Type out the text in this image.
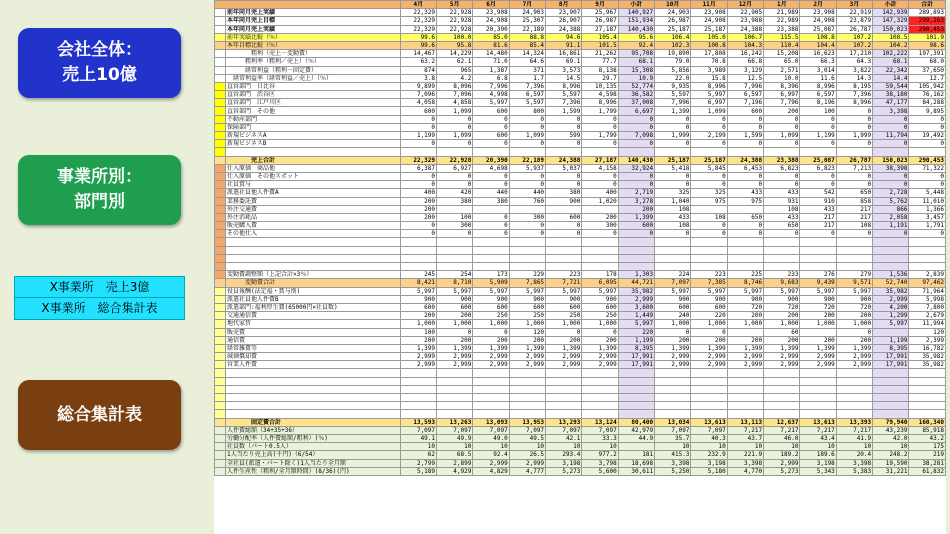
会社全体：
売上10億
事業所別：
部門別
X事業所　売上3億
X事業所　総合集計表
総合集計表
		4月	5月	6月	7月	8月	9月	小計	10月	11月	12月	1月	2月	3月	小計	合計
	前年同月売上実績	22,329	22,928	23,908	24,903	23,907	25,967	140,927	24,903	23,908	22,905	21,989	23,908	22,919	142,939	289,893
	本年同月売上目標	22,329	22,928	24,908	25,307	26,907	26,987	151,934	26,987	24,908	23,988	22,989	24,908	23,879	147,329	299,263
	本年同月売上実績	22,329	22,928	20,390	22,189	24,388	27,187	140,430	25,187	25,187	24,388	23,388	25,087	26,787	150,023	290,453
	前年実績比較（％）	99.6	100.0	85.0	88.8	94.6	105.4	95.6	106.4	105.0	106.7	115.5	108.8	107.2	108.5	101.9
	本年目標比較（％）	99.6	95.8	81.6	85.4	91.1	101.5	92.4	102.3	100.8	104.3	110.4	104.4	107.2	104.2	98.6
	　　　　粗利（売上－変動費）	14,467	14,229	14,480	14,324	16,861	21,262	95,708	19,890	17,808	16,242	15,208	16,623	17,210	102,222	197,391
	　　　粗利率（粗利／売上）（％）	63.2	62.1	71.0	64.6	69.1	77.7	68.1	79.0	70.8	66.8	65.0	66.3	64.3	68.1	68.0
	　　　経常利益（粗利－固定費）	874	965	1,387	371	3,573	8,138	15,308	5,856	3,989	3,129	2,571	3,014	3,822	22,342	37,650
	　経常利益率（経常利益／売上）（％）	3.8	4.2	6.8	1.7	14.5	29.7	10.9	22.0	15.8	12.5	10.0	11.6	14.3	14.4	12.7
	直営部門　日比谷	9,899	8,096	7,996	7,396	8,996	10,135	52,774	9,935	8,996	7,996	8,396	8,996	8,195	59,544	105,942
	直営部門　渋谷区	7,096	7,096	4,998	6,597	5,597	4,598	36,582	5,597	5,997	6,597	6,997	6,597	7,396	38,180	76,162
	直営部門　江戸川区	4,058	4,858	5,997	5,597	7,396	8,996	37,008	7,996	6,997	7,196	7,796	8,196	8,996	47,177	84,288
	直営部門　その他	600	1,099	600	800	1,599	1,799	6,697	1,399	1,099	600	200	100	0	3,398	9,895
	不動産部門	0	0	0	0	0	0	0	0	0	0	0	0	0	0	0
	保険部門	0	0	0	0	0	0	0	0	0	0	0	0	0	0	0
	新規ビジネスA	1,199	1,099	600	1,099	599	1,799	7,098	1,999	2,199	1,599	1,099	1,199	1,999	11,794	19,492
	新規ビジネスB	0	0	0	0	0	0	0	0	0	0	0	0	0	0	0

	　　　　売上合計	22,329	22,928	20,390	22,189	24,388	27,187	140,430	25,187	25,187	24,388	23,388	25,087	26,787	150,023	290,453
	仕入原価　商品他	6,387	6,927	4,698	5,937	5,037	4,158	32,924	5,418	5,845	6,453	6,823	6,823	7,213	38,398	71,322
	仕入原価　その他スポット	0	0	0	0	0	0	0	0	0	0	0	0	0	0	0
	社員賞与	0	0	0	0	0	0	0	0	0	0	0	0	0	0	0
	派遣社員他人件費A	400	420	440	440	380	400	2,719	325	325	433	433	542	650	2,728	5,448
	業務委託費	200	380	380	760	900	1,020	3,278	1,040	975	975	931	910	858	5,762	11,010
	外注交通費	200						200	108			108	433	217	866	1,366
	外注消耗品	200	100	0	300	600	200	1,399	433	108	650	433	217	217	2,058	3,457
	販売購入費	0	300	0	0	0	300	600	108	0	0	650	217	108	1,191	1,791
	その他仕入	0	0	0	0	0	0	0	0	0	0	0	0	0	0	0

	変動費調整額（上記合計×3％）	245	254	173	229	223	178	1,303	224	223	225	233	276	279	1,536	2,839
	　　　変動費合計	8,421	8,710	5,909	7,865	7,721	6,095	44,721	7,097	7,385	8,746	9,683	9,439	9,571	52,740	97,462
	役員報酬(法定福・賞与別)	5,997	5,997	5,997	5,997	5,997	5,997	35,982	5,997	5,997	5,997	5,997	5,997	5,997	35,982	71,964
	派遣社員他人件費B	900	900	900	900	900	900	2,999	900	900	900	900	900	900	2,999	5,998
	派遣部門:福利厚生費(65000円×社員数)	600	600	600	600	600	600	3,600	600	600	720	720	720	720	4,200	7,800
	交通通信費	200	200	250	250	250	250	1,449	240	220	200	200	200	200	1,299	2,679
	地代家賃	1,000	1,000	1,000	1,000	1,000	1,000	5,997	1,000	1,000	1,000	1,000	1,000	1,000	5,997	11,994
	販売費	100	0	0	120	0	0	220	0	0		60		0		120
	通信費	200	200	200	200	200	200	1,199	200	200	200	200	200	200	1,199	2,399
	経常雑費等	1,399	1,399	1,399	1,399	1,399	1,399	8,395	1,399	1,399	1,399	1,399	1,399	1,399	8,395	16,782
	減価償却費	2,999	2,999	2,999	2,999	2,999	2,999	17,991	2,999	2,999	2,999	2,999	2,999	2,999	17,991	35,982
	営業人件費	2,999	2,999	2,999	2,999	2,999	2,999	17,991	2,999	2,999	2,999	2,999	2,999	2,999	17,991	35,982

	　　　　固定費合計	13,593	13,263	13,093	13,953	13,293	13,124	80,400	13,034	13,613	13,113	12,637	13,613	13,393	79,940	160,340
	人件費総額（34+35+36）	7,097	7,097	7,097	7,097	7,097	7,097	42,979	7,097	7,097	7,217	7,217	7,217	7,217	43,239	85,918
	労働分配率（人件費総額/粗利）(％)	49.1	49.9	49.0	49.5	42.1	33.3	44.9	35.7	40.3	43.7	46.0	43.4	41.9	42.0	43.2
	社員数（パート0.5人）	10	10	10	10	10	10		10	10	10	10	10	10	10	175
	1人当たり売上高(千円)（6/54）	62	68.5	92.4	26.5	293.4	977.2	181	415.3	232.9	221.9	189.2	189.6	20.4	248.2	219
	全社員(派遣・パート除く)1人当たり全月額	2,799	2,899	2,999	2,999	3,198	3,798	18,698	3,398	3,198	3,398	2,999	3,198	3,398	19,590	38,281
	人件生産性（粗利/全月額時間）(8/36)(円)	5,189	4,929	4,829	4,777	5,273	5,600	30,611	5,250	5,180	4,770	5,273	5,343	5,383	31,221	61,832
